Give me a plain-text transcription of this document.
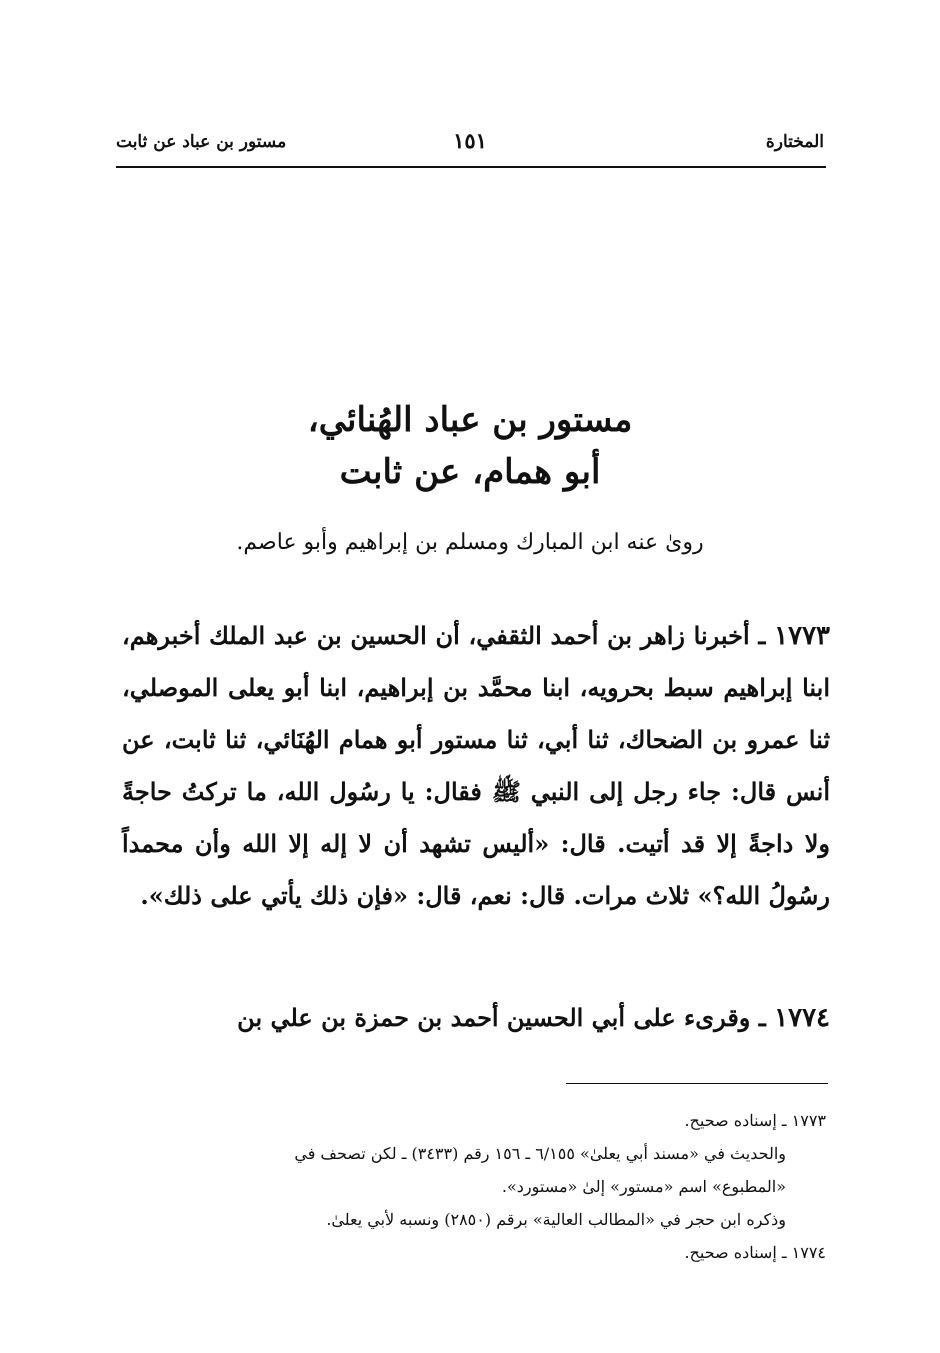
المختارة
١٥١
مستور بن عباد عن ثابت
مستور بن عباد الهُنائي،
أبو همام، عن ثابت
روىٰ عنه ابن المبارك ومسلم بن إبراهيم وأبو عاصم.
١٧٧٣ ـ أخبرنا زاهر بن أحمد الثقفي، أن الحسين بن عبد الملك أخبرهم، ابنا إبراهيم سبط بحرويه، ابنا محمَّد بن إبراهيم، ابنا أبو يعلى الموصلي، ثنا عمرو بن الضحاك، ثنا أبي، ثنا مستور أبو همام الهُنَائي، ثنا ثابت، عن أنس قال: جاء رجل إلى النبي ﷺ فقال: يا رسُول الله، ما تركتُ حاجةً ولا داجةً إلا قد أتيت. قال: «أليس تشهد أن لا إله إلا الله وأن محمداً رسُولُ الله؟» ثلاث مرات. قال: نعم، قال: «فإن ذلك يأتي على ذلك».
١٧٧٤ ـ وقرىء على أبي الحسين أحمد بن حمزة بن علي بن
١٧٧٣ ـ إسناده صحيح.
والحديث في «مسند أبي يعلىٰ» ٦/١٥٥ ـ ١٥٦ رقم (٣٤٣٣) ـ لكن تصحف في
«المطبوع» اسم «مستور» إلىٰ «مستورد».
وذكره ابن حجر في «المطالب العالية» برقم (٢٨٥٠) ونسبه لأبي يعلىٰ.
١٧٧٤ ـ إسناده صحيح.
